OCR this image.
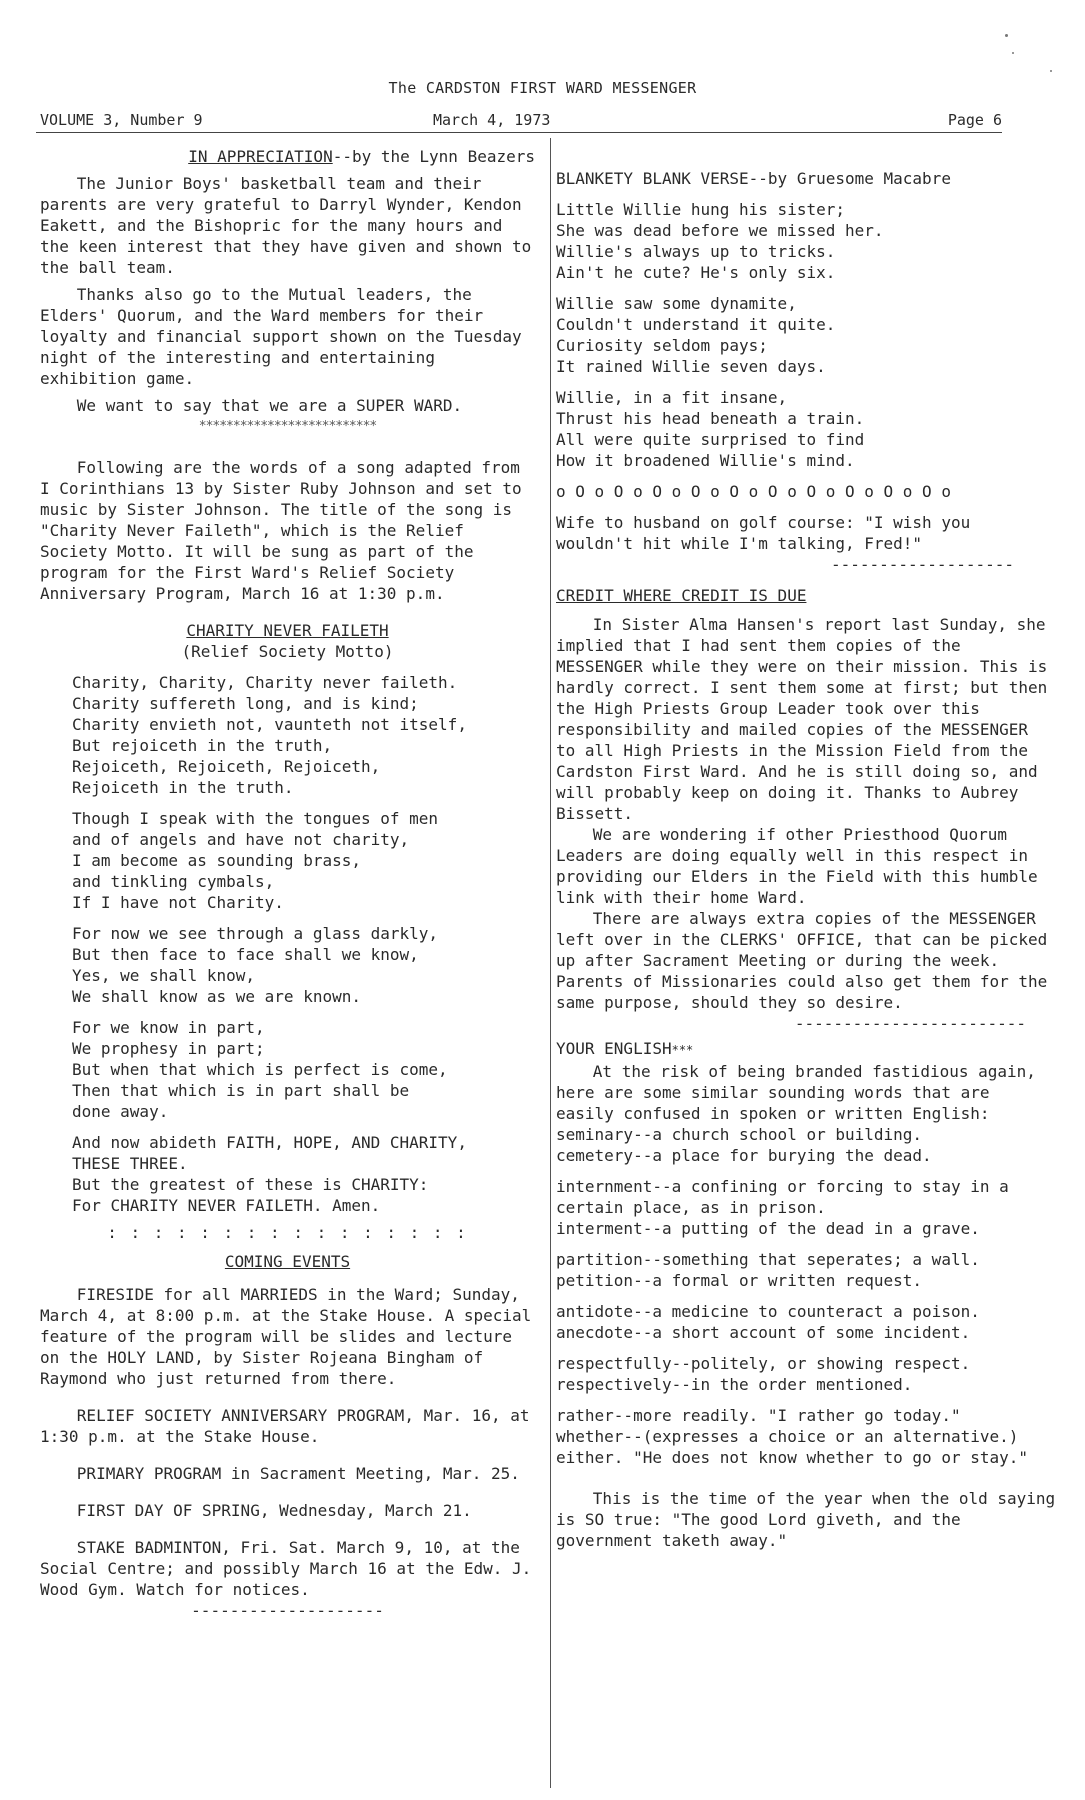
The CARDSTON FIRST WARD MESSENGER
VOLUME 3, Number 9	March 4, 1973	Page 6

IN APPRECIATION--by the Lynn Beazers

The Junior Boys' basketball team and their parents are very grateful to Darryl Wynder, Kendon Eakett, and the Bishopric for the many hours and the keen interest that they have given and shown to the ball team.

Thanks also go to the Mutual leaders, the Elders' Quorum, and the Ward members for their loyalty and financial support shown on the Tuesday night of the interesting and entertaining exhibition game.

We want to say that we are a SUPER WARD.

**************************

Following are the words of a song adapted from I Corinthians 13 by Sister Ruby Johnson and set to music by Sister Johnson. The title of the song is "Charity Never Faileth", which is the Relief Society Motto. It will be sung as part of the program for the First Ward's Relief Society Anniversary Program, March 16 at 1:30 p.m.

CHARITY NEVER FAILETH
(Relief Society Motto)
Charity, Charity, Charity never faileth.
Charity suffereth long, and is kind;
Charity envieth not, vaunteth not itself,
But rejoiceth in the truth,
Rejoiceth, Rejoiceth, Rejoiceth,
Rejoiceth in the truth.
Though I speak with the tongues of men
and of angels and have not charity,
I am become as sounding brass,
and tinkling cymbals,
If I have not Charity.
For now we see through a glass darkly,
But then face to face shall we know,
Yes, we shall know,
We shall know as we are known.
For we know in part,
We prophesy in part;
But when that which is perfect is come,
Then that which is in part shall be
done away.
And now abideth FAITH, HOPE, AND CHARITY,
THESE THREE.
But the greatest of these is CHARITY:
For CHARITY NEVER FAILETH. Amen.
: : : : : : : : : : : : : : : :
COMING EVENTS

FIRESIDE for all MARRIEDS in the Ward; Sunday, March 4, at 8:00 p.m. at the Stake House. A special feature of the program will be slides and lecture on the HOLY LAND, by Sister Rojeana Bingham of Raymond who just returned from there.

RELIEF SOCIETY ANNIVERSARY PROGRAM, Mar. 16, at 1:30 p.m. at the Stake House.

PRIMARY PROGRAM in Sacrament Meeting, Mar. 25.

FIRST DAY OF SPRING, Wednesday, March 21.

STAKE BADMINTON, Fri. Sat. March 9, 10, at the Social Centre; and possibly March 16 at the Edw. J. Wood Gym. Watch for notices.

--------------------

BLANKETY BLANK VERSE--by Gruesome Macabre

Little Willie hung his sister;
She was dead before we missed her.
Willie's always up to tricks.
Ain't he cute? He's only six.
Willie saw some dynamite,
Couldn't understand it quite.
Curiosity seldom pays;
It rained Willie seven days.
Willie, in a fit insane,
Thrust his head beneath a train.
All were quite surprised to find
How it broadened Willie's mind.

o O o O o O o O o O o O o O o O o O o O o

Wife to husband on golf course: "I wish you wouldn't hit while I'm talking, Fred!"

-------------------

CREDIT WHERE CREDIT IS DUE

In Sister Alma Hansen's report last Sunday, she implied that I had sent them copies of the MESSENGER while they were on their mission. This is hardly correct. I sent them some at first; but then the High Priests Group Leader took over this responsibility and mailed copies of the MESSENGER to all High Priests in the Mission Field from the Cardston First Ward. And he is still doing so, and will probably keep on doing it. Thanks to Aubrey Bissett.

We are wondering if other Priesthood Quorum Leaders are doing equally well in this respect in providing our Elders in the Field with this humble link with their home Ward.

There are always extra copies of the MESSENGER left over in the CLERKS' OFFICE, that can be picked up after Sacrament Meeting or during the week. Parents of Missionaries could also get them for the same purpose, should they so desire.

------------------------

YOUR ENGLISH***

At the risk of being branded fastidious again, here are some similar sounding words that are easily confused in spoken or written English:

seminary--a church school or building.
cemetery--a place for burying the dead.
internment--a confining or forcing to stay in a certain place, as in prison.
interment--a putting of the dead in a grave.
partition--something that seperates; a wall.
petition--a formal or written request.
antidote--a medicine to counteract a poison.
anecdote--a short account of some incident.
respectfully--politely, or showing respect.
respectively--in the order mentioned.
rather--more readily. "I rather go today."
whether--(expresses a choice or an alternative.) either. "He does not know whether to go or stay."

This is the time of the year when the old saying is SO true: "The good Lord giveth, and the government taketh away."
